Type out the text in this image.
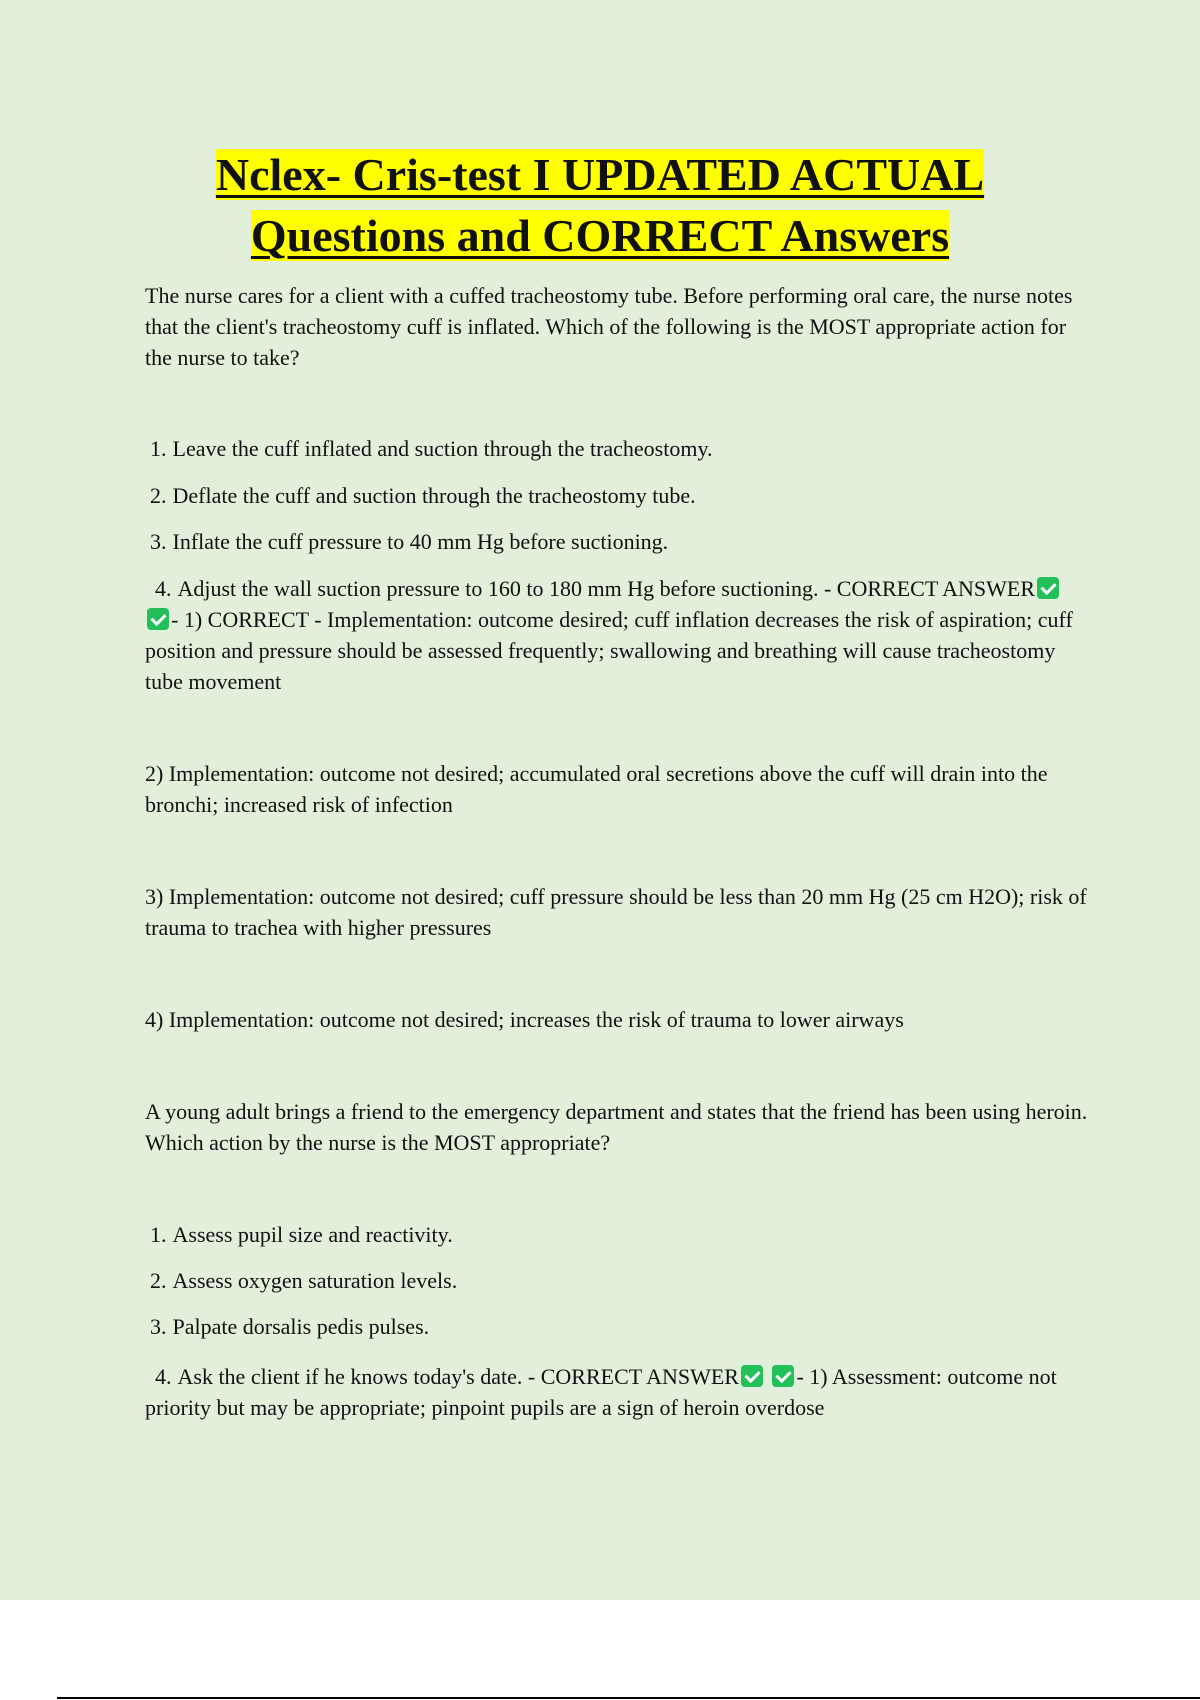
Nclex- Cris-test I UPDATED ACTUAL
Questions and CORRECT Answers

The nurse cares for a client with a cuffed tracheostomy tube. Before performing oral care, the nurse notes that the client's tracheostomy cuff is inflated. Which of the following is the MOST appropriate action for the nurse to take?

1. Leave the cuff inflated and suction through the tracheostomy.
2. Deflate the cuff and suction through the tracheostomy tube.
3. Inflate the cuff pressure to 40 mm Hg before suctioning.

4. Adjust the wall suction pressure to 160 to 180 mm Hg before suctioning. - CORRECT ANSWER - 1) CORRECT - Implementation: outcome desired; cuff inflation decreases the risk of aspiration; cuff position and pressure should be assessed frequently; swallowing and breathing will cause tracheostomy tube movement

2) Implementation: outcome not desired; accumulated oral secretions above the cuff will drain into the bronchi; increased risk of infection

3) Implementation: outcome not desired; cuff pressure should be less than 20 mm Hg (25 cm H2O); risk of trauma to trachea with higher pressures

4) Implementation: outcome not desired; increases the risk of trauma to lower airways

A young adult brings a friend to the emergency department and states that the friend has been using heroin. Which action by the nurse is the MOST appropriate?

1. Assess pupil size and reactivity.
2. Assess oxygen saturation levels.
3. Palpate dorsalis pedis pulses.

4. Ask the client if he knows today's date. - CORRECT ANSWER	- 1) Assessment: outcome not priority but may be appropriate; pinpoint pupils are a sign of heroin overdose
